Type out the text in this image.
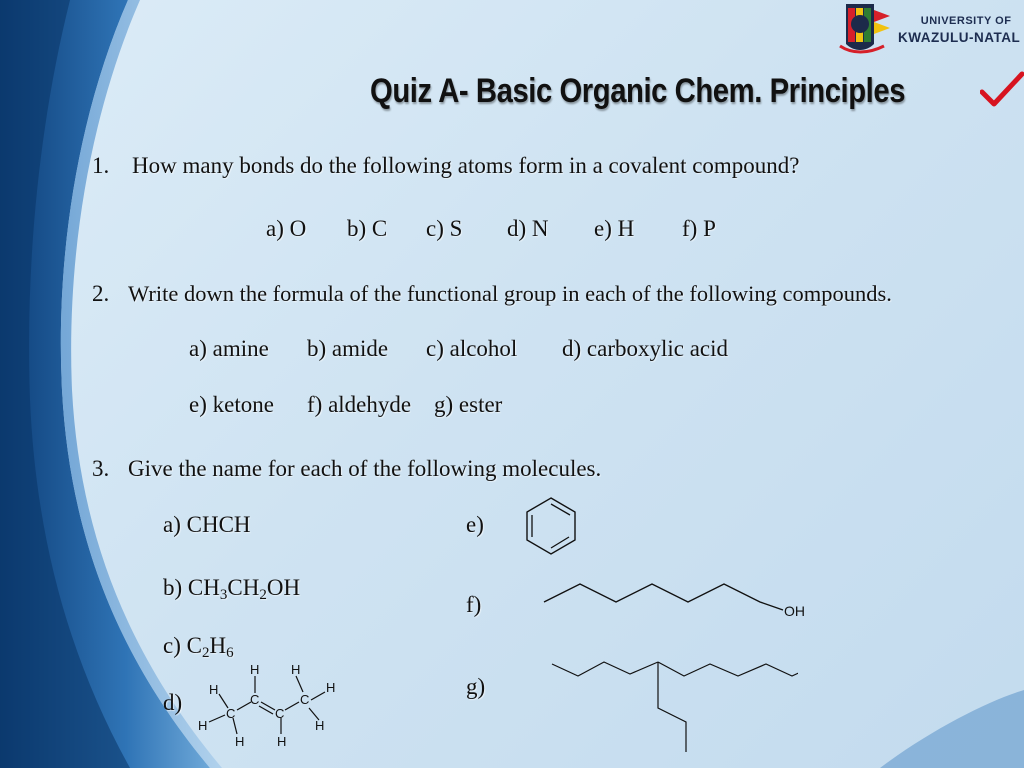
UNIVERSITY OF
KWAZULU-NATAL
Quiz A- Basic Organic Chem. Principles
1. How many bonds do the following atoms form in a covalent compound?
a) O b) C c) S d) N e) H f) P
2. Write down the formula of the functional group in each of the following compounds.
a) amine b) amide c) alcohol d) carboxylic acid
e) ketone f) aldehyde g) ester
3. Give the name for each of the following molecules.
a) CHCH
b) $CH_3CH_2OH$
c) $C_2H_6$
d)
e)
f)
g)
H
H
C
H
H
C
C
H
H
C
H
H
OH
